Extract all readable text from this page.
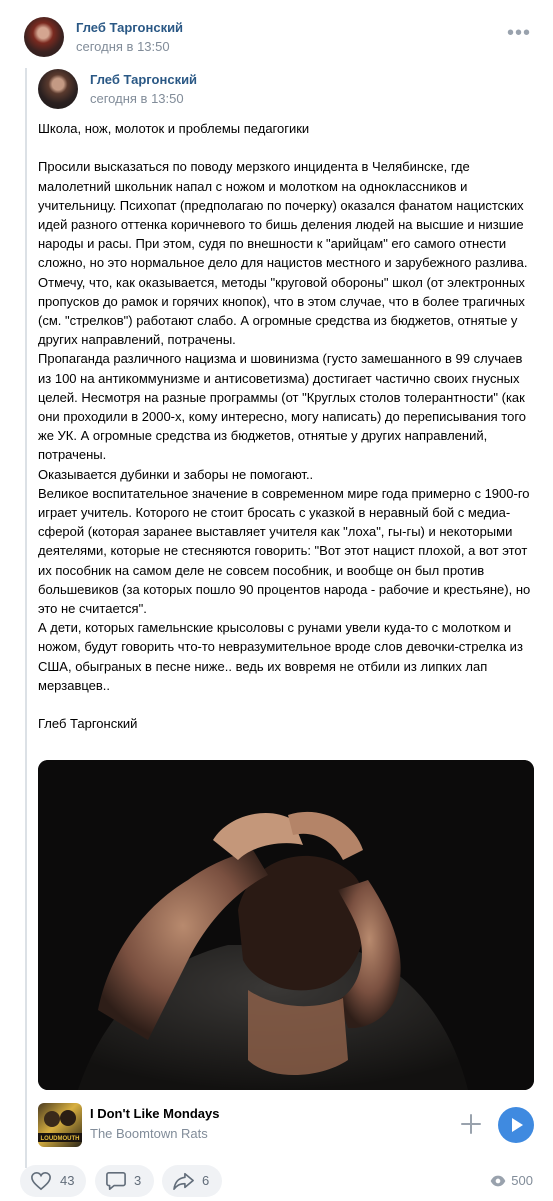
Глеб Таргонский
сегодня в 13:50
•••
Глеб Таргонский
сегодня в 13:50
Школа, нож, молоток и проблемы педагогики

Просили высказаться по поводу мерзкого инцидента в Челябинске, где малолетний школьник напал с ножом и молотком на одноклассников и учительницу. Психопат (предполагаю по почерку) оказался фанатом нацистских идей разного оттенка коричневого то бишь деления людей на высшие и низшие народы и расы. При этом, судя по внешности к "арийцам" его самого отнести сложно, но это нормальное дело для нацистов местного и зарубежного разлива.
Отмечу, что, как оказывается, методы "круговой обороны" школ (от электронных пропусков до рамок и горячих кнопок), что в этом случае, что в более трагичных (см. "стрелков") работают слабо. А огромные средства из бюджетов, отнятые у других направлений, потрачены.
Пропаганда различного нацизма и шовинизма (густо замешанного в 99 случаев из 100 на антикоммунизме и антисоветизма) достигает частично своих гнусных целей. Несмотря на разные программы (от "Круглых столов толерантности" (как они проходили в 2000-х, кому интересно, могу написать) до переписывания того же УК. А огромные средства из бюджетов, отнятые у других направлений, потрачены.
Оказывается дубинки и заборы не помогают..
Великое воспитательное значение в современном мире года примерно с 1900-го играет учитель. Которого не стоит бросать с указкой в неравный бой с медиа-сферой (которая заранее выставляет учителя как "лоха", гы-гы) и некоторыми деятелями, которые не стесняются говорить: "Вот этот нацист плохой, а вот этот их пособник на самом деле не совсем пособник, и вообще он был против большевиков (за которых пошло 90 процентов народа - рабочие и крестьяне), но это не считается".
А дети, которых гамельнские крысоловы с рунами увели куда-то с молотком и ножом, будут говорить что-то невразумительное вроде слов девочки-стрелка из США, обыграных в песне ниже.. ведь их вовремя не отбили из липких лап мерзавцев..

Глеб Таргонский
LOUDMOUTH
I Don't Like Mondays
The Boomtown Rats
43	3	6	500
